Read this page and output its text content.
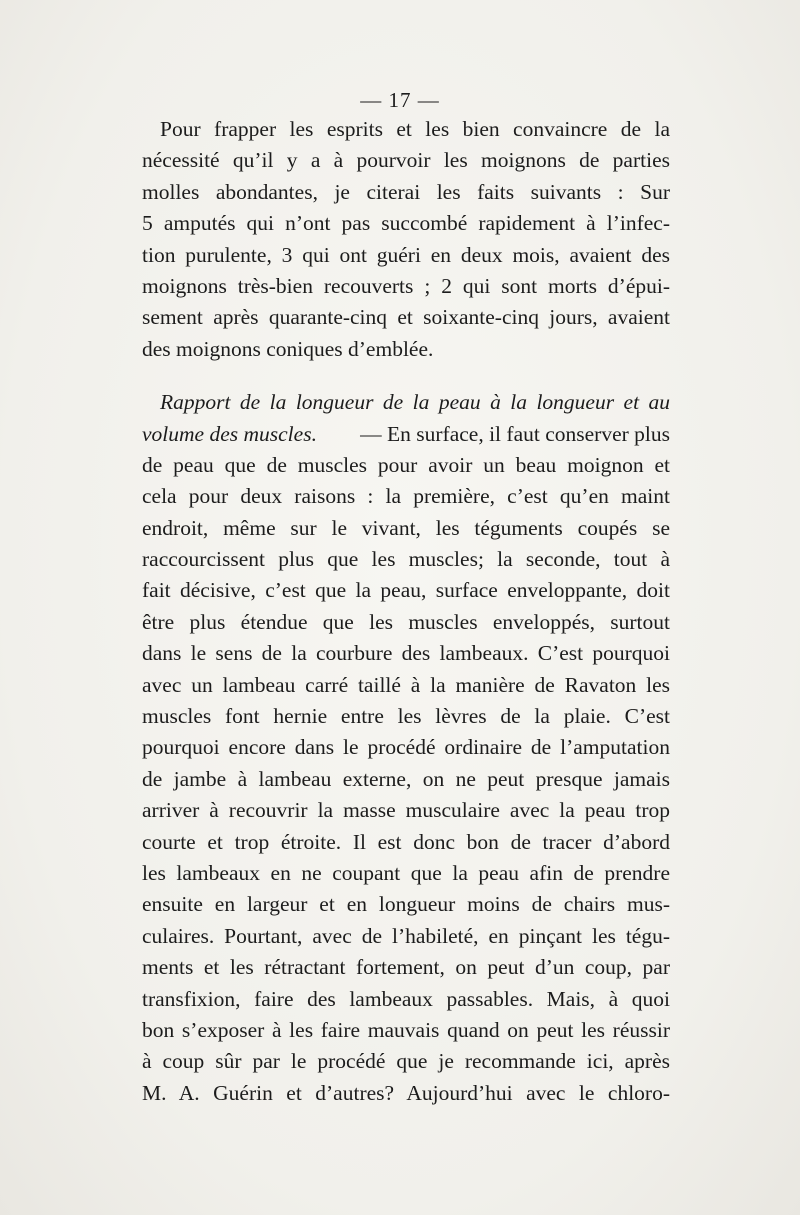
— 17 —
Pour frapper les esprits et les bien convaincre de la
nécessité qu’il y a à pourvoir les moignons de parties
molles abondantes, je citerai les faits suivants : Sur
5 amputés qui n’ont pas succombé rapidement à l’infec-
tion purulente, 3 qui ont guéri en deux mois, avaient des
moignons très-bien recouverts ; 2 qui sont morts d’épui-
sement après quarante-cinq et soixante-cinq jours, avaient
des moignons coniques d’emblée.
Rapport de la longueur de la peau à la longueur et au
volume des muscles. — En surface, il faut conserver plus
de peau que de muscles pour avoir un beau moignon et
cela pour deux raisons : la première, c’est qu’en maint
endroit, même sur le vivant, les téguments coupés se
raccourcissent plus que les muscles; la seconde, tout à
fait décisive, c’est que la peau, surface enveloppante, doit
être plus étendue que les muscles enveloppés, surtout
dans le sens de la courbure des lambeaux. C’est pourquoi
avec un lambeau carré taillé à la manière de Ravaton les
muscles font hernie entre les lèvres de la plaie. C’est
pourquoi encore dans le procédé ordinaire de l’amputation
de jambe à lambeau externe, on ne peut presque jamais
arriver à recouvrir la masse musculaire avec la peau trop
courte et trop étroite. Il est donc bon de tracer d’abord
les lambeaux en ne coupant que la peau afin de prendre
ensuite en largeur et en longueur moins de chairs mus-
culaires. Pourtant, avec de l’habileté, en pinçant les tégu-
ments et les rétractant fortement, on peut d’un coup, par
transfixion, faire des lambeaux passables. Mais, à quoi
bon s’exposer à les faire mauvais quand on peut les réussir
à coup sûr par le procédé que je recommande ici, après
M. A. Guérin et d’autres? Aujourd’hui avec le chloro-
